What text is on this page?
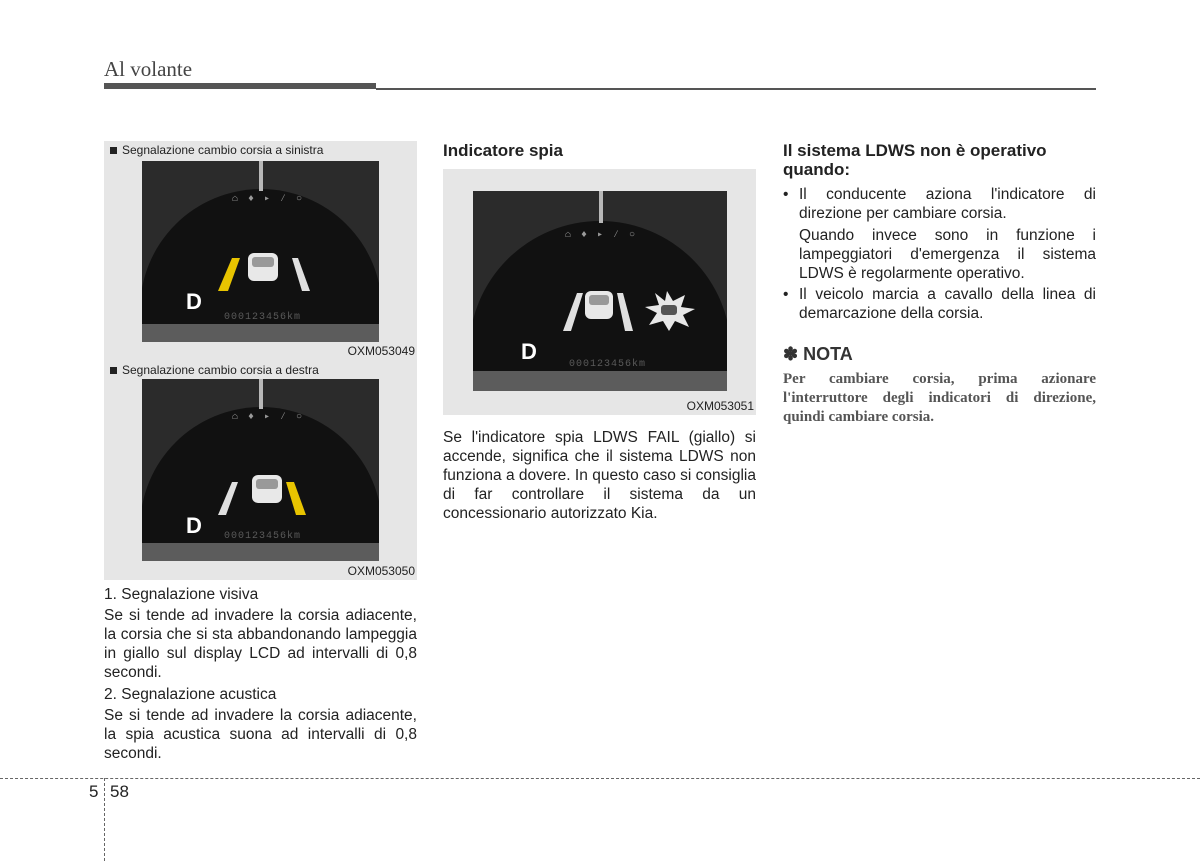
Al volante
Segnalazione cambio corsia a sinistra
⌂ ♦ ▸ ∕ ○
D
000123456km
OXM053049
Segnalazione cambio corsia a destra
⌂ ♦ ▸ ∕ ○
D 000123456km
OXM053050

1. Segnalazione visiva

Se si tende ad invadere la corsia adiacente, la corsia che si sta abbandonando lampeggia in giallo sul display LCD ad intervalli di 0,8 secondi.

2. Segnalazione acustica

Se si tende ad invadere la corsia adiacente, la spia acustica suona ad intervalli di 0,8 secondi.

Indicatore spia
⌂ ♦ ▸ ∕ ○
D
000123456km
OXM053051
Se l'indicatore spia LDWS FAIL (giallo) si accende, significa che il sistema LDWS non funziona a dovere. In questo caso si consiglia di far controllare il sistema da un concessionario autorizzato Kia.
Il sistema LDWS non è operativo quando:
• Il conducente aziona l'indicatore di direzione per cambiare corsia.
Quando invece sono in funzione i lampeggiatori d'emergenza il sistema LDWS è regolarmente operativo.
• Il veicolo marcia a cavallo della linea di demarcazione della corsia.
✽ NOTA
Per cambiare corsia, prima azionare l'interruttore degli indicatori di direzione, quindi cambiare corsia.
5 58
